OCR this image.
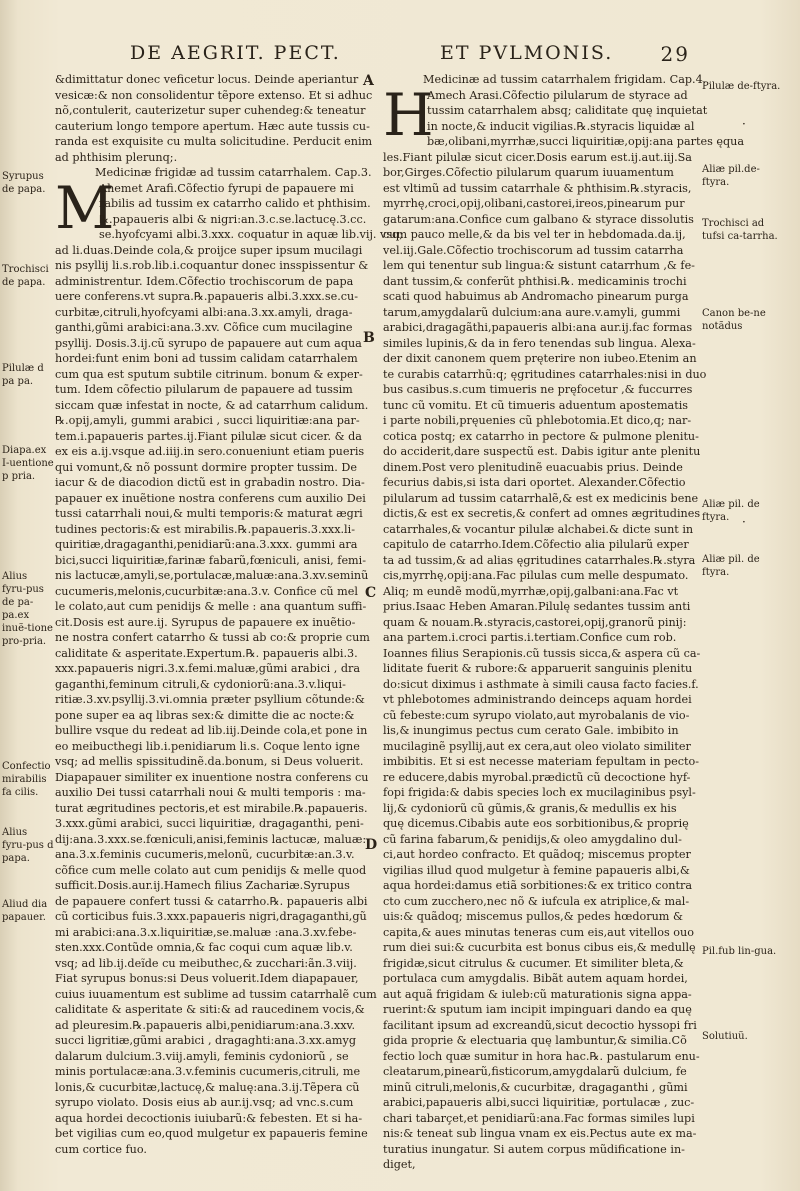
DE AEGRIT. PECT.	ET PVLMONIS. 29
A
B
C
D
Syrupus de papa.
Trochisci de papa.
Pilulæ d pa pa.
Diapa.ex I-uentione p pria.
Alius fyru-pus de pa-pa.ex inuẽ-tione pro-pria.
Confectio mirabilis fa cilis.
Alius fyru-pus d papa.
Aliud dia papauer.
Pilulæ de-ftyra.
Aliæ pil.de-ftyra.
Trochisci ad tufsi ca-tarrha.
Canon be-ne notãdus
Aliæ pil. de ftyra.
Aliæ pil. de ftyra.
Pil.fub lin-gua.
Solutiuũ.
·
·
&dimittatur donec veficetur locus. Deinde aperiantur
vesicæ:& non consolidentur tẽpore extenso. Et si adhuc
nõ,contulerit, cauterizetur super cuhendeg:& teneatur
cauterium longo tempore apertum. Hæc aute tussis cu-
randa est exquisite cu multa solicitudine. Perducit enim
ad phthisim plerunq;.
Medicinæ frigidæ ad tussim catarrhalem. Cap.3.
M
Ahemet Arafi.Cõfectio fyrupi de papauere mi
rabilis ad tussim ex catarrho calido et phthisim.
℞.papaueris albi & nigri:an.3.c.se.lactucę.3.cc.
se.hyofcyami albi.3.xxx. coquatur in aquæ lib.vij. vsq;
ad li.duas.Deinde cola,& proijce super ipsum mucilagi
nis psyllij li.s.rob.lib.i.coquantur donec insspissentur &
administrentur. Idem.Cõfectio trochiscorum de papa
uere conferens.vt supra.℞.papaueris albi.3.xxx.se.cu-
curbitæ,citruli,hyofcyami albi:ana.3.xx.amyli, draga-
ganthi,gũmi arabici:ana.3.xv. Cõfice cum mucilagine
psyllij. Dosis.3.ij.cũ syrupo de papauere aut cum aqua
hordei:funt enim boni ad tussim calidam catarrhalem
cum qua est sputum subtile citrinum. bonum & exper-
tum. Idem cõfectio pilularum de papauere ad tussim
siccam quæ infestat in nocte, & ad catarrhum calidum.
℞.opij,amyli, gummi arabici , succi liquiritiæ:ana par-
tem.i.papaueris partes.ij.Fiant pilulæ sicut cicer. & da
ex eis a.ij.vsque ad.iiij.in sero.conueniunt etiam pueris
qui vomunt,& nõ possunt dormire propter tussim. De
iacur & de diacodion dictũ est in grabadin nostro. Dia-
papauer ex inuẽtione nostra conferens cum auxilio Dei
tussi catarrhali noui,& multi temporis:& maturat ægri
tudines pectoris:& est mirabilis.℞.papaueris.3.xxx.li-
quiritiæ,dragaganthi,penidiarũ:ana.3.xxx. gummi ara
bici,succi liquiritiæ,farinæ fabarũ,fœniculi, anisi, femi-
nis lactucæ,amyli,se,portulacæ,maluæ:ana.3.xv.seminũ
cucumeris,melonis,cucurbitæ:ana.3.v. Confice cũ mel
le colato,aut cum penidijs & melle : ana quantum suffi-
cit.Dosis est aure.ij. Syrupus de papauere ex inuẽtio-
ne nostra confert catarrho & tussi ab co:& proprie cum
caliditate & asperitate.Expertum.℞. papaueris albi.3.
xxx.papaueris nigri.3.x.femi.maluæ,gũmi arabici , dra
gaganthi,feminum citruli,& cydoniorũ:ana.3.v.liqui-
ritiæ.3.xv.psyllij.3.vi.omnia præter psyllium cõtunde:&
pone super ea aq libras sex:& dimitte die ac nocte:&
bullire vsque du redeat ad lib.iij.Deinde cola,et pone in
eo meibucthegi lib.i.penidiarum li.s. Coque lento igne
vsq; ad mellis spissitudinẽ.da.bonum, si Deus voluerit.
Diapapauer similiter ex inuentione nostra conferens cu
auxilio Dei tussi catarrhali noui & multi temporis : ma-
turat ægritudines pectoris,et est mirabile.℞.papaueris.
3.xxx.gũmi arabici, succi liquiritiæ, dragaganthi, peni-
dij:ana.3.xxx.se.fœniculi,anisi,feminis lactucæ, maluæ:
ana.3.x.feminis cucumeris,melonũ, cucurbitæ:an.3.v.
cõfice cum melle colato aut cum penidijs & melle quod
sufficit.Dosis.aur.ij.Hamech filius Zachariæ.Syrupus
de papauere confert tussi & catarrho.℞. papaueris albi
cũ corticibus fuis.3.xxx.papaueris nigri,dragaganthi,gũ
mi arabici:ana.3.x.liquiritiæ,se.maluæ :ana.3.xv.febe-
sten.xxx.Contũde omnia,& fac coqui cum aquæ lib.v.
vsq; ad lib.ij.deĩde cu meibuthec,& zucchari:ãn.3.viij.
Fiat syrupus bonus:si Deus voluerit.Idem diapapauer,
cuius iuuamentum est sublime ad tussim catarrhalẽ cum
caliditate & asperitate & siti:& ad raucedinem vocis,&
ad pleuresim.℞.papaueris albi,penidiarum:ana.3.xxv.
succi ligritiæ,gũmi arabici , dragaghti:ana.3.xx.amyg
dalarum dulcium.3.viij.amyli, feminis cydoniorũ , se
minis portulacæ:ana.3.v.feminis cucumeris,citruli, me
lonis,& cucurbitæ,lactucę,& maluę:ana.3.ij.Tẽpera cũ
syrupo violato. Dosis eius ab aur.ij.vsq; ad vnc.s.cum
aqua hordei decoctionis iuiubarũ:& febesten. Et si ha-
bet vigilias cum eo,quod mulgetur ex papaueris femine
cum cortice fuo.
Medicinæ ad tussim catarrhalem frigidam. Cap.4.
H
Amech Arasi.Cõfectio pilularum de styrace ad
tussim catarrhalem absq; caliditate quę inquietat
in nocte,& inducit vigilias.℞.styracis liquidæ al
bæ,olibani,myrrhæ,succi liquiritiæ,opij:ana partes ęqua
les.Fiant pilulæ sicut cicer.Dosis earum est.ij.aut.iij.Sa
bor,Girges.Cõfectio pilularum quarum iuuamentum
est vltimũ ad tussim catarrhale & phthisim.℞.styracis,
myrrhę,croci,opij,olibani,castorei,ireos,pinearum pur
gatarum:ana.Confice cum galbano & styrace dissolutis
cum pauco melle,& da bis vel ter in hebdomada.da.ij,
vel.iij.Gale.Cõfectio trochiscorum ad tussim catarrha
lem qui tenentur sub lingua:& sistunt catarrhum ,& fe-
dant tussim,& conferũt phthisi.℞. medicaminis trochi
scati quod habuimus ab Andromacho pinearum purga
tarum,amygdalarũ dulcium:ana aure.v.amyli, gummi
arabici,dragagãthi,papaueris albi:ana aur.ij.fac formas
similes lupinis,& da in fero tenendas sub lingua. Alexa-
der dixit canonem quem pręterire non iubeo.Etenim an
te curabis catarrhũ:q; ęgritudines catarrhales:nisi in duo
bus casibus.s.cum timueris ne pręfocetur ,& fuccurres
tunc cũ vomitu. Et cũ timueris aduentum apostematis
i parte nobili,pręuenies cũ phlebotomia.Et dico,q; nar-
cotica postq; ex catarrho in pectore & pulmone plenitu-
do acciderit,dare suspectũ est. Dabis igitur ante plenitu
dinem.Post vero plenitudinẽ euacuabis prius. Deinde
fecurius dabis,si ista dari oportet. Alexander.Cõfectio
pilularum ad tussim catarrhalẽ,& est ex medicinis bene
dictis,& est ex secretis,& confert ad omnes ægritudines
catarrhales,& vocantur pilulæ alchabei.& dicte sunt in
capitulo de catarrho.Idem.Cõfectio alia pilularũ exper
ta ad tussim,& ad alias ęgritudines catarrhales.℞.styra
cis,myrrhę,opij:ana.Fac pilulas cum melle despumato.
Aliq; m eundẽ modũ,myrrhæ,opij,galbani:ana.Fac vt
prius.Isaac Heben Amaran.Pilulę sedantes tussim anti
quam & nouam.℞.styracis,castorei,opij,granorũ pinij:
ana partem.i.croci partis.i.tertiam.Confice cum rob.
Ioannes filius Serapionis.cũ tussis sicca,& aspera cũ ca-
liditate fuerit & rubore:& apparuerit sanguinis plenitu
do:sicut diximus i asthmate à simili causa facto facies.f.
vt phlebotomes administrando deinceps aquam hordei
cũ febeste:cum syrupo violato,aut myrobalanis de vio-
lis,& inungimus pectus cum cerato Gale. imbibito in
mucilaginẽ psyllij,aut ex cera,aut oleo violato similiter
imbibitis. Et si est necesse materiam fepultam in pecto-
re educere,dabis myrobal.prædictũ cũ decoctione hyf-
fopi frigida:& dabis species loch ex mucilaginibus psyl-
lij,& cydoniorũ cũ gũmis,& granis,& medullis ex his
quę dicemus.Cibabis aute eos sorbitionibus,& proprię
cũ farina fabarum,& penidijs,& oleo amygdalino dul-
ci,aut hordeo confracto. Et quãdoq; miscemus propter
vigilias illud quod mulgetur à femine papaueris albi,&
aqua hordei:damus etiã sorbitiones:& ex tritico contra
cto cum zucchero,nec nõ & iufcula ex atriplice,& mal-
uis:& quãdoq; miscemus pullos,& pedes hœdorum &
capita,& aues minutas teneras cum eis,aut vitellos ouo
rum diei sui:& cucurbita est bonus cibus eis,& medullę
frigidæ,sicut citrulus & cucumer. Et similiter bleta,&
portulaca cum amygdalis. Bibãt autem aquam hordei,
aut aquã frigidam & iuleb:cũ maturationis signa appa-
ruerint:& sputum iam incipit impinguari dando ea quę
facilitant ipsum ad excreandũ,sicut decoctio hyssopi fri
gida proprie & electuaria quę lambuntur,& similia.Cõ
fectio loch quæ sumitur in hora hac.℞. pastularum enu-
cleatarum,pinearũ,fisticorum,amygdalarũ dulcium, fe
minũ citruli,melonis,& cucurbitæ, dragaganthi , gũmi
arabici,papaueris albi,succi liquiritiæ, portulacæ , zuc-
chari tabarçet,et penidiarũ:ana.Fac formas similes lupi
nis:& teneat sub lingua vnam ex eis.Pectus aute ex ma-
turatius inungatur. Si autem corpus mũdificatione in-
diget,
